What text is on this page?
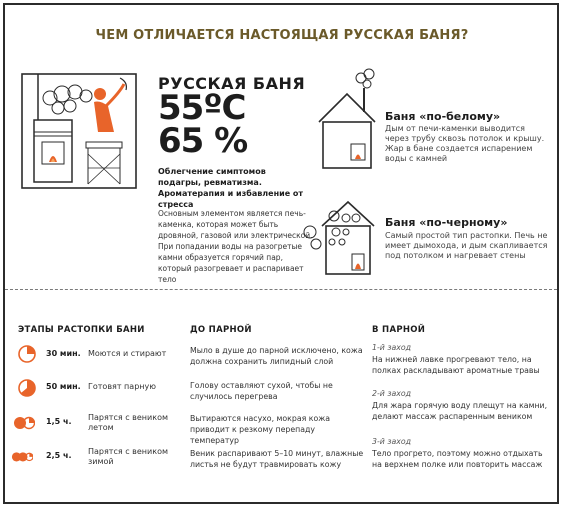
ЧЕМ ОТЛИЧАЕТСЯ НАСТОЯЩАЯ РУССКАЯ БАНЯ?
РУССКАЯ БАНЯ
55ºC
65 %
Облегчение симптомов подагры, ревматизма. Ароматерапия и избавление от стресса
Основным элементом является печь-каменка, которая может быть дровяной, газовой или электрической. При попадании воды на разогретые камни образуется горячий пар, который разогревает и распаривает тело
Баня «по-белому»
Дым от печи-каменки выводится через трубу сквозь потолок и крышу. Жар в бане создается испарением воды с камней
Баня «по-черному»
Самый простой тип растопки. Печь не имеет дымохода, и дым скапливается под потолком и нагревает стены
ЭТАПЫ РАСТОПКИ БАНИ	ДО ПАРНОЙ	В ПАРНОЙ
30 мин. Моются и стирают
50 мин. Готовят парную
1,5 ч. Парятся с веником летом
2,5 ч. Парятся с веником зимой
Мыло в душе до парной исключено, кожа должна сохранить липидный слой
Голову оставляют сухой, чтобы не случилось перегрева
Вытираются насухо, мокрая кожа приводит к резкому перепаду температур
Веник распаривают 5–10 минут, влажные листья не будут травмировать кожу
1-й заход
На нижней лавке прогревают тело, на полках раскладывают ароматные травы
2-й заход
Для жара горячую воду плещут на камни, делают массаж распаренным веником
3-й заход
Тело прогрето, поэтому можно отдыхать на верхнем полке или повторить массаж
